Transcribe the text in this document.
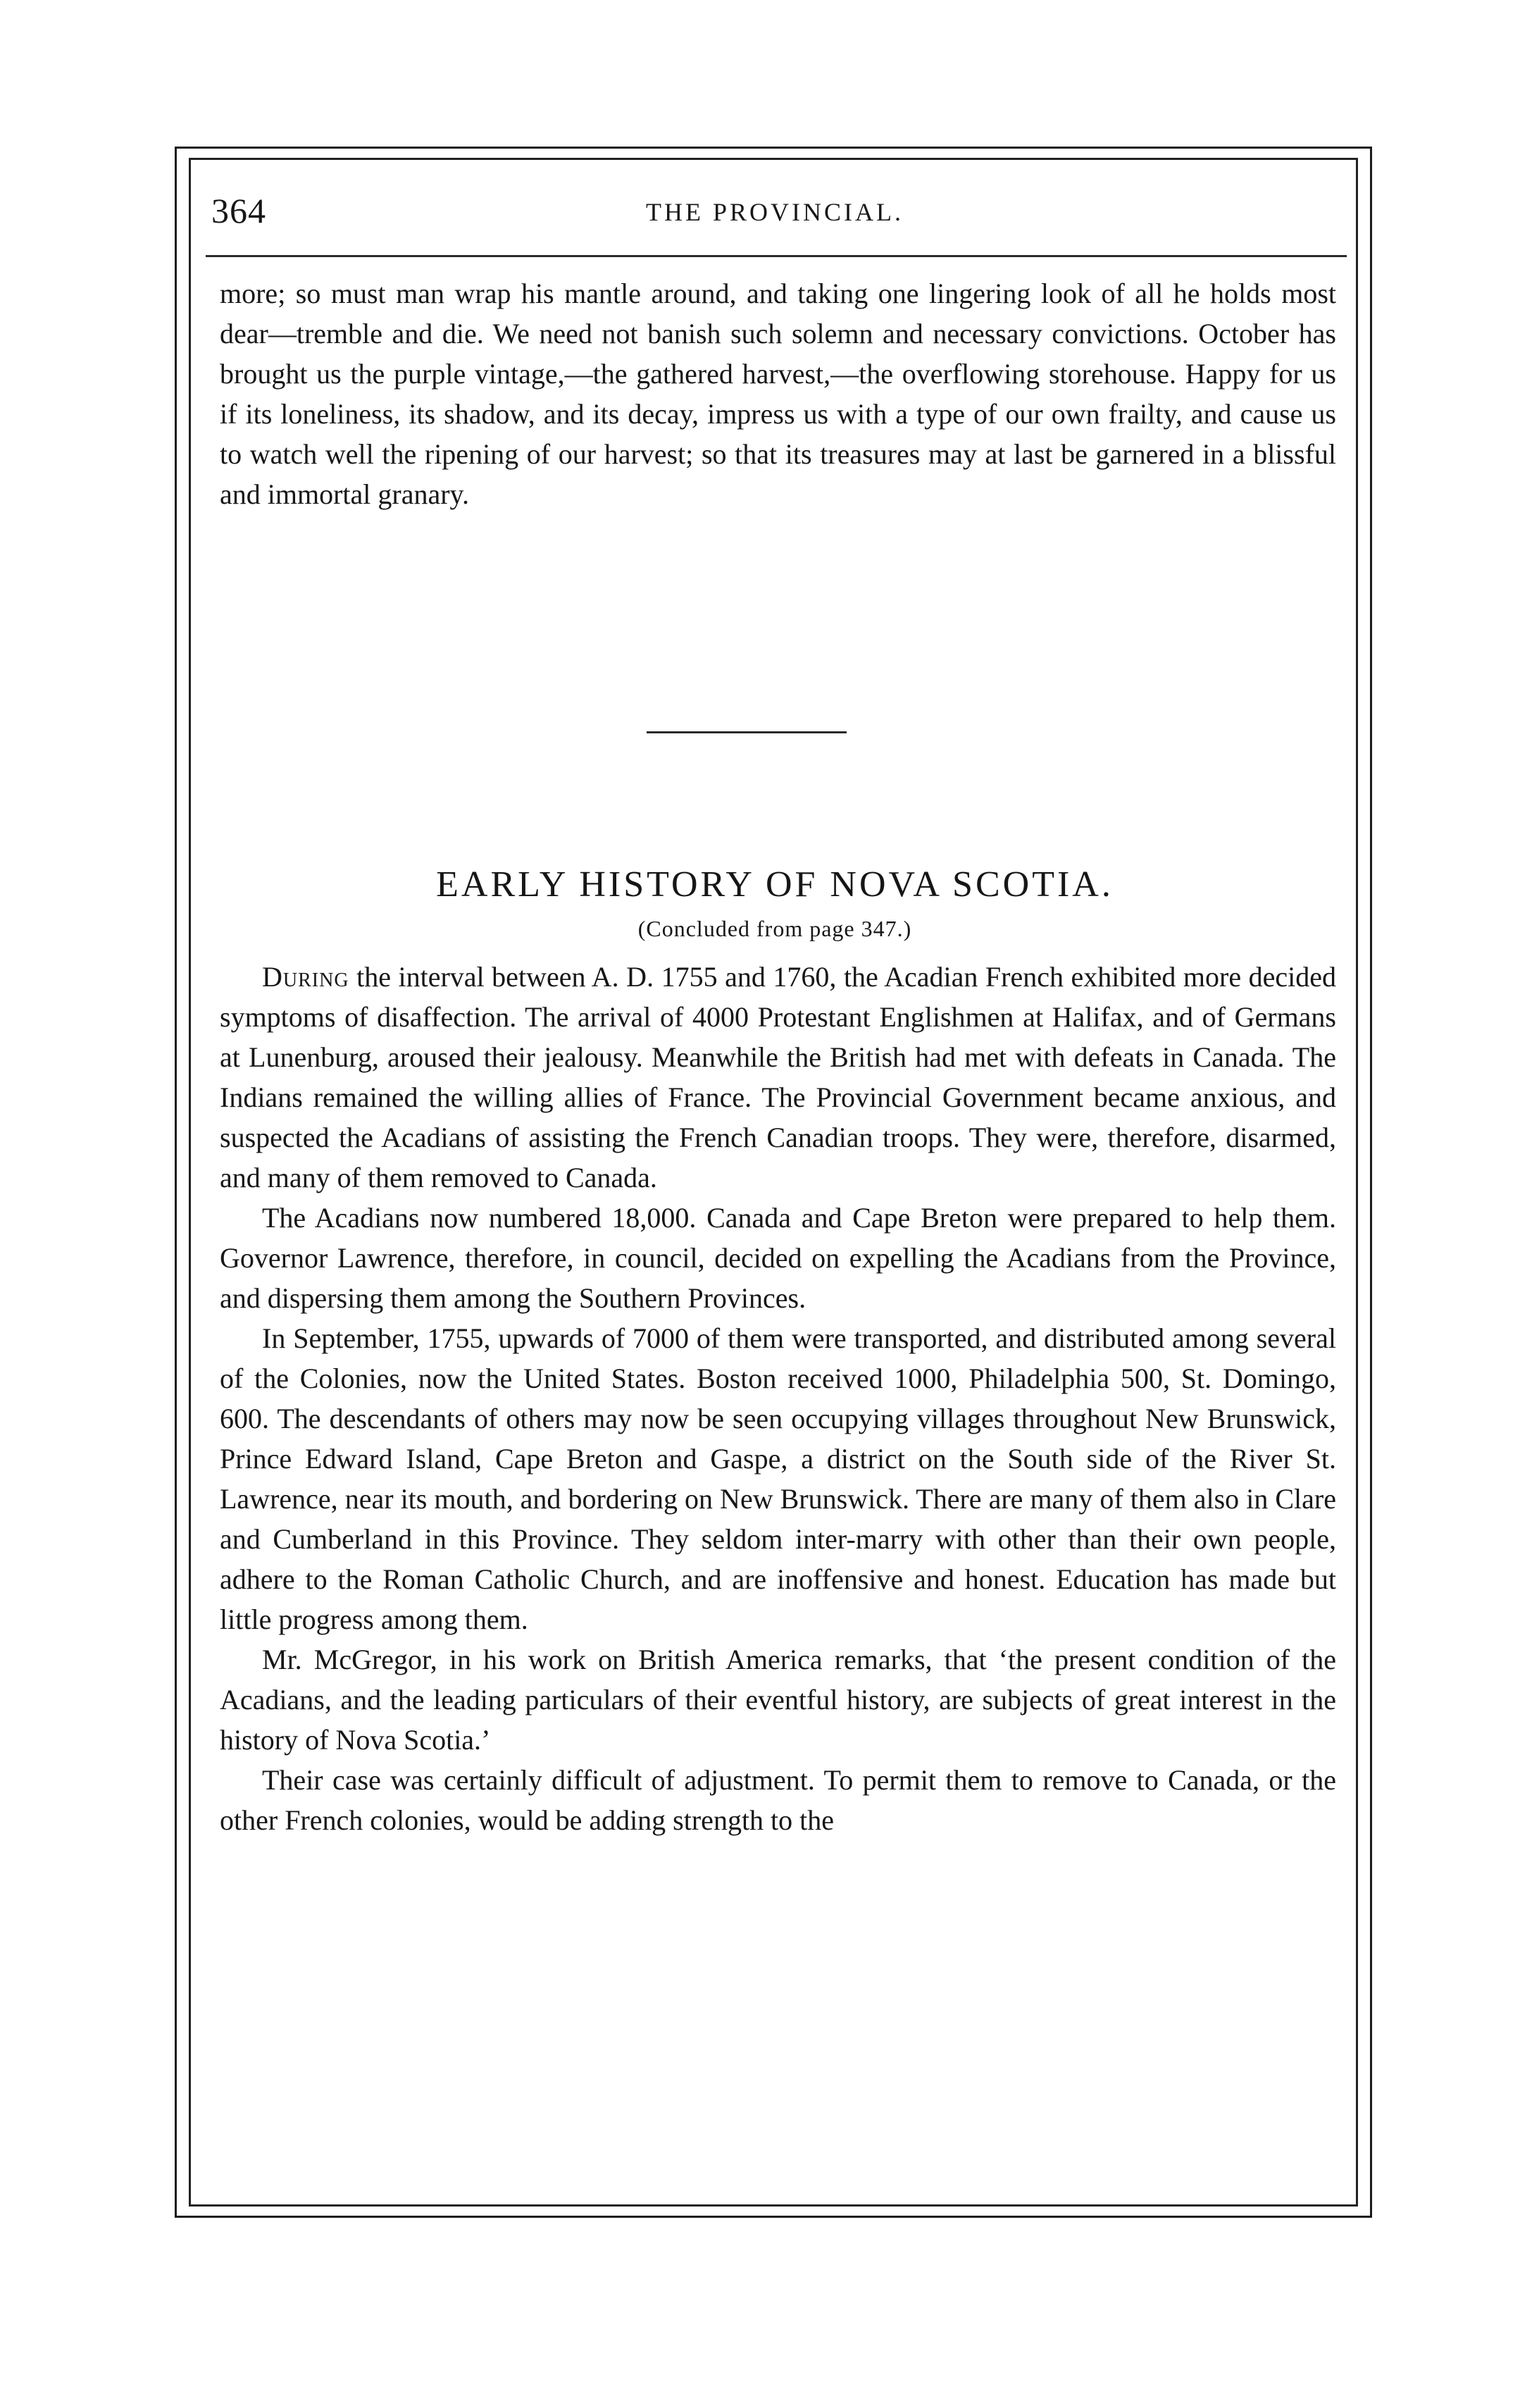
364	THE PROVINCIAL.

more; so must man wrap his mantle around, and taking one lingering look of all he holds most dear—tremble and die. We need not banish such solemn and necessary convictions. October has brought us the purple vintage,—the gathered harvest,—the overflowing storehouse. Happy for us if its loneliness, its shadow, and its decay, impress us with a type of our own frailty, and cause us to watch well the ripening of our harvest; so that its treasures may at last be garnered in a blissful and immortal granary.

EARLY HISTORY OF NOVA SCOTIA.
(Concluded from page 347.)

During the interval between A. D. 1755 and 1760, the Acadian French exhibited more decided symptoms of disaffection. The arrival of 4000 Protestant Englishmen at Halifax, and of Germans at Lunenburg, aroused their jealousy. Meanwhile the British had met with defeats in Canada. The Indians remained the willing allies of France. The Provincial Government became anxious, and suspected the Acadians of assisting the French Canadian troops. They were, therefore, disarmed, and many of them removed to Canada.

The Acadians now numbered 18,000. Canada and Cape Breton were prepared to help them. Governor Lawrence, therefore, in council, decided on expelling the Acadians from the Province, and dispersing them among the Southern Provinces.

In September, 1755, upwards of 7000 of them were transported, and distributed among several of the Colonies, now the United States. Boston received 1000, Philadelphia 500, St. Domingo, 600. The descendants of others may now be seen occupying villages throughout New Brunswick, Prince Edward Island, Cape Breton and Gaspe, a district on the South side of the River St. Lawrence, near its mouth, and bordering on New Brunswick. There are many of them also in Clare and Cumberland in this Province. They seldom inter-marry with other than their own people, adhere to the Roman Catholic Church, and are inoffensive and honest. Education has made but little progress among them.

Mr. McGregor, in his work on British America remarks, that ‘the present condition of the Acadians, and the leading particulars of their eventful history, are subjects of great interest in the history of Nova Scotia.’

Their case was certainly difficult of adjustment. To permit them to remove to Canada, or the other French colonies, would be adding strength to the
